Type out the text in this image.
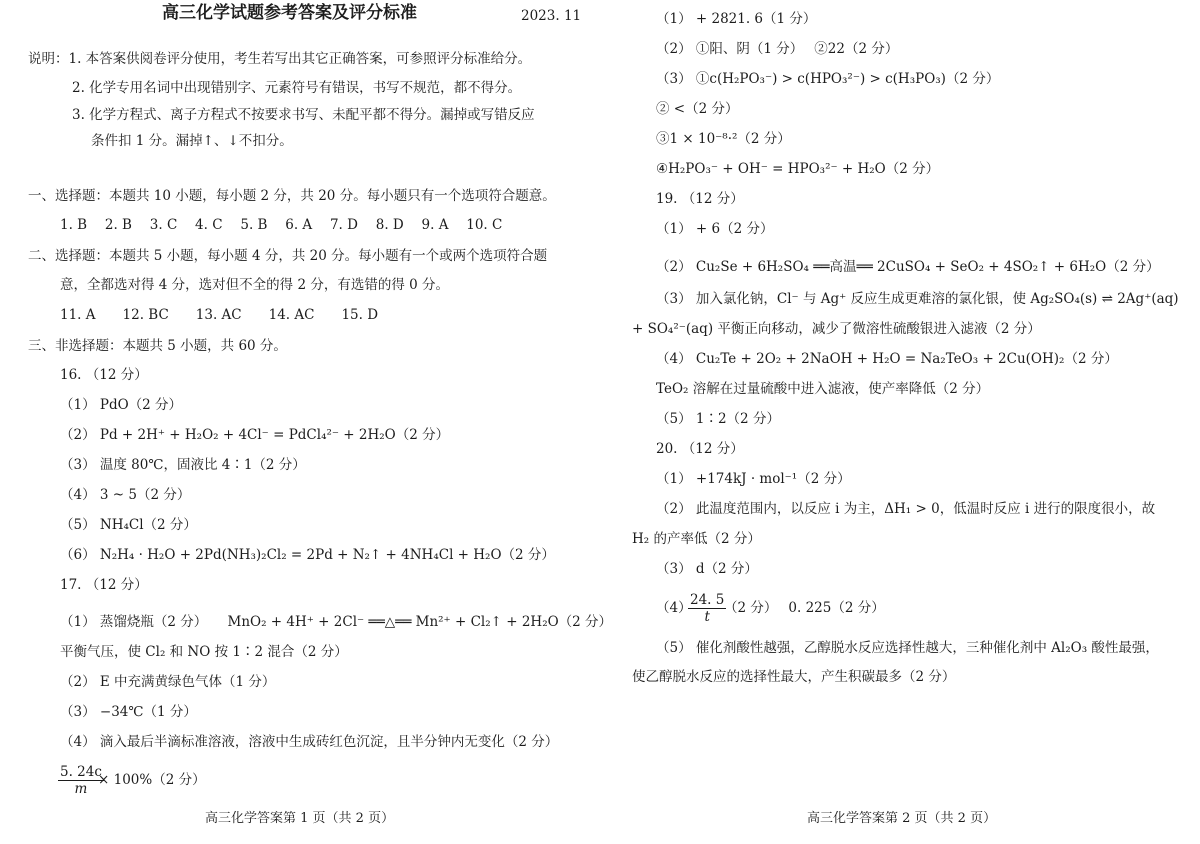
高三化学试题参考答案及评分标准	2023. 11
说明：1. 本答案供阅卷评分使用，考生若写出其它正确答案，可参照评分标准给分。
2. 化学专用名词中出现错别字、元素符号有错误，书写不规范，都不得分。
3. 化学方程式、离子方程式不按要求书写、未配平都不得分。漏掉或写错反应
条件扣 1 分。漏掉↑、↓不扣分。
一、选择题：本题共 10 小题，每小题 2 分，共 20 分。每小题只有一个选项符合题意。
1. B　 2. B　 3. C　 4. C　 5. B　 6. A　 7. D　 8. D　 9. A　 10. C
二、选择题：本题共 5 小题，每小题 4 分，共 20 分。每小题有一个或两个选项符合题
意，全都选对得 4 分，选对但不全的得 2 分，有选错的得 0 分。
11. A　　12. BC　　13. AC　　14. AC　　15. D
三、非选择题：本题共 5 小题，共 60 分。
16. （12 分）
（1） PdO（2 分）
（2） Pd + 2H⁺ + H₂O₂ + 4Cl⁻ = PdCl₄²⁻ + 2H₂O（2 分）
（3） 温度 80℃，固液比 4∶1（2 分）
（4） 3 ~ 5（2 分）
（5） NH₄Cl（2 分）
（6） N₂H₄ · H₂O + 2Pd(NH₃)₂Cl₂ = 2Pd + N₂↑ + 4NH₄Cl + H₂O（2 分）
17. （12 分）
（1） 蒸馏烧瓶（2 分）　　MnO₂ + 4H⁺ + 2Cl⁻ ══△══ Mn²⁺ + Cl₂↑ + 2H₂O（2 分）
平衡气压，使 Cl₂ 和 NO 按 1∶2 混合（2 分）
（2） E 中充满黄绿色气体（1 分）
（3） −34℃（1 分）
（4） 滴入最后半滴标准溶液，溶液中生成砖红色沉淀，且半分钟内无变化（2 分）
$\frac{5. 24c}{m}$
× 100%（2 分）
高三化学答案第 1 页（共 2 页）
（1） + 2821. 6（1 分）
（2） ①阳、阴（1 分）　 ②22（2 分）
（3） ①c(H₂PO₃⁻) > c(HPO₃²⁻) > c(H₃PO₃)（2 分）
② <（2 分）
③1 × 10⁻⁸·²（2 分）
④H₂PO₃⁻ + OH⁻ = HPO₃²⁻ + H₂O（2 分）
19. （12 分）
（1） + 6（2 分）
（2） Cu₂Se + 6H₂SO₄ ══高温══ 2CuSO₄ + SeO₂ + 4SO₂↑ + 6H₂O（2 分）
（3） 加入氯化钠，Cl⁻ 与 Ag⁺ 反应生成更难溶的氯化银，使 Ag₂SO₄(s) ⇌ 2Ag⁺(aq)
+ SO₄²⁻(aq) 平衡正向移动，减少了微溶性硫酸银进入滤液（2 分）
（4） Cu₂Te + 2O₂ + 2NaOH + H₂O = Na₂TeO₃ + 2Cu(OH)₂（2 分）
TeO₂ 溶解在过量硫酸中进入滤液，使产率降低（2 分）
（5） 1∶2（2 分）
20. （12 分）
（1） +174kJ · mol⁻¹（2 分）
（2） 此温度范围内，以反应 ⅰ 为主，ΔH₁ > 0，低温时反应 ⅰ 进行的限度很小，故
H₂ 的产率低（2 分）
（3） d（2 分）
（4）
$\frac{24. 5}{t}$
（2 分）　 0. 225（2 分）
（5） 催化剂酸性越强，乙醇脱水反应选择性越大，三种催化剂中 Al₂O₃ 酸性最强，
使乙醇脱水反应的选择性最大，产生积碳最多（2 分）
高三化学答案第 2 页（共 2 页）
